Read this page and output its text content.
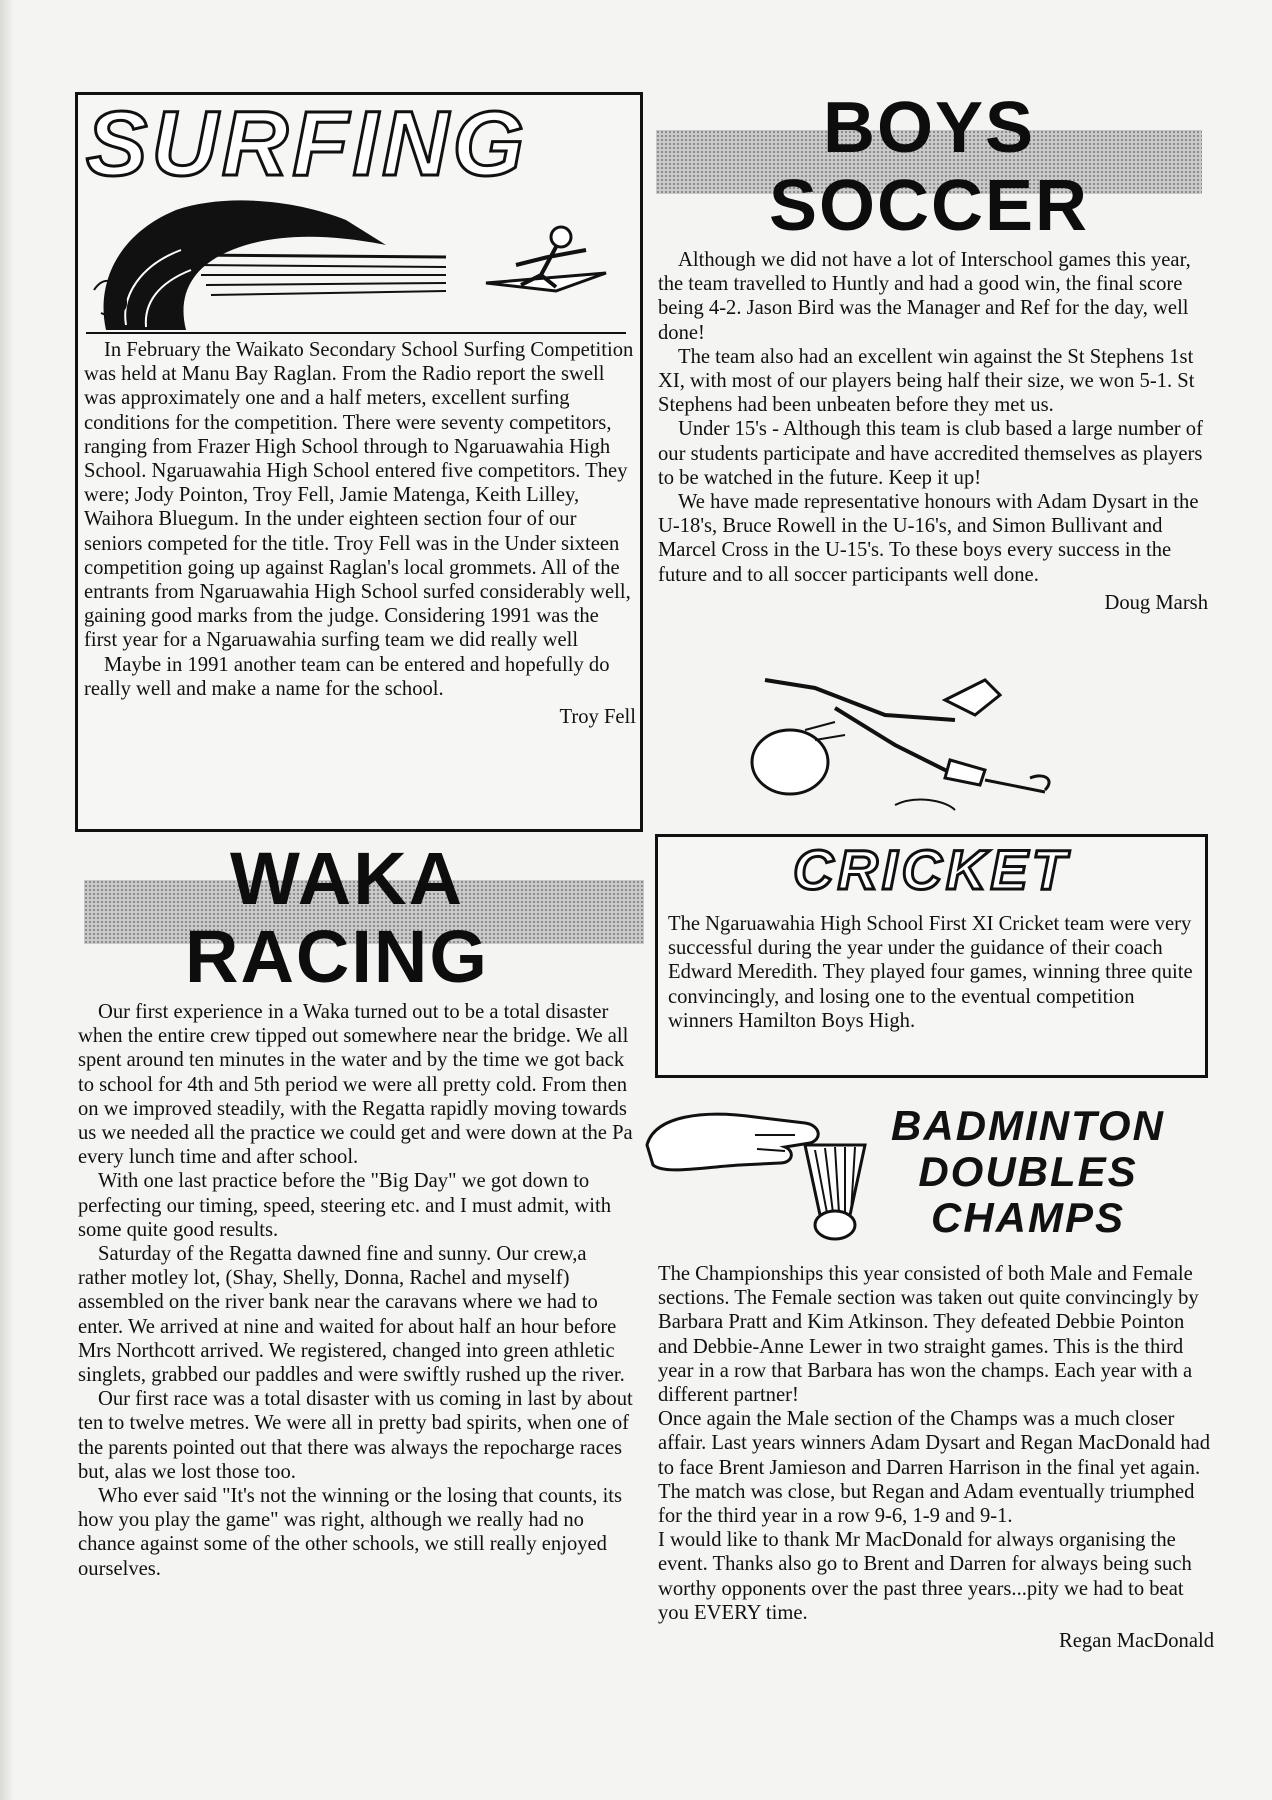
SURFING

In February the Waikato Secondary School Surfing Competition was held at Manu Bay Raglan. From the Radio report the swell was approximately one and a half meters, excellent surfing conditions for the competition. There were seventy competitors, ranging from Frazer High School through to Ngaruawahia High School. Ngaruawahia High School entered five competitors. They were; Jody Pointon, Troy Fell, Jamie Matenga, Keith Lilley, Waihora Bluegum. In the under eighteen section four of our seniors competed for the title. Troy Fell was in the Under sixteen competition going up against Raglan's local grommets. All of the entrants from Ngaruawahia High School surfed considerably well, gaining good marks from the judge. Considering 1991 was the first year for a Ngaruawahia surfing team we did really well

Maybe in 1991 another team can be entered and hopefully do really well and make a name for the school.

Troy Fell
BOYS
SOCCER

Although we did not have a lot of Interschool games this year, the team travelled to Huntly and had a good win, the final score being 4-2. Jason Bird was the Manager and Ref for the day, well done!

The team also had an excellent win against the St Stephens 1st XI, with most of our players being half their size, we won 5-1. St Stephens had been unbeaten before they met us.

Under 15's - Although this team is club based a large number of our students participate and have accredited themselves as players to be watched in the future. Keep it up!

We have made representative honours with Adam Dysart in the U-18's, Bruce Rowell in the U-16's, and Simon Bullivant and Marcel Cross in the U-15's. To these boys every success in the future and to all soccer participants well done.

Doug Marsh
WAKA
RACING

Our first experience in a Waka turned out to be a total disaster when the entire crew tipped out somewhere near the bridge. We all spent around ten minutes in the water and by the time we got back to school for 4th and 5th period we were all pretty cold. From then on we improved steadily, with the Regatta rapidly moving towards us we needed all the practice we could get and were down at the Pa every lunch time and after school.

With one last practice before the "Big Day" we got down to perfecting our timing, speed, steering etc. and I must admit, with some quite good results.

Saturday of the Regatta dawned fine and sunny. Our crew,a rather motley lot, (Shay, Shelly, Donna, Rachel and myself) assembled on the river bank near the caravans where we had to enter. We arrived at nine and waited for about half an hour before Mrs Northcott arrived. We registered, changed into green athletic singlets, grabbed our paddles and were swiftly rushed up the river.

Our first race was a total disaster with us coming in last by about ten to twelve metres. We were all in pretty bad spirits, when one of the parents pointed out that there was always the repocharge races but, alas we lost those too.

Who ever said "It's not the winning or the losing that counts, its how you play the game" was right, although we really had no chance against some of the other schools, we still really enjoyed ourselves.

CRICKET

The Ngaruawahia High School First XI Cricket team were very successful during the year under the guidance of their coach Edward Meredith. They played four games, winning three quite convincingly, and losing one to the eventual competition winners Hamilton Boys High.

BADMINTON
DOUBLES
CHAMPS

The Championships this year consisted of both Male and Female sections. The Female section was taken out quite convincingly by Barbara Pratt and Kim Atkinson. They defeated Debbie Pointon and Debbie-Anne Lewer in two straight games. This is the third year in a row that Barbara has won the champs. Each year with a different partner!

Once again the Male section of the Champs was a much closer affair. Last years winners Adam Dysart and Regan MacDonald had to face Brent Jamieson and Darren Harrison in the final yet again. The match was close, but Regan and Adam eventually triumphed for the third year in a row 9-6, 1-9 and 9-1.

I would like to thank Mr MacDonald for always organising the event. Thanks also go to Brent and Darren for always being such worthy opponents over the past three years...pity we had to beat you EVERY time.

Regan MacDonald
